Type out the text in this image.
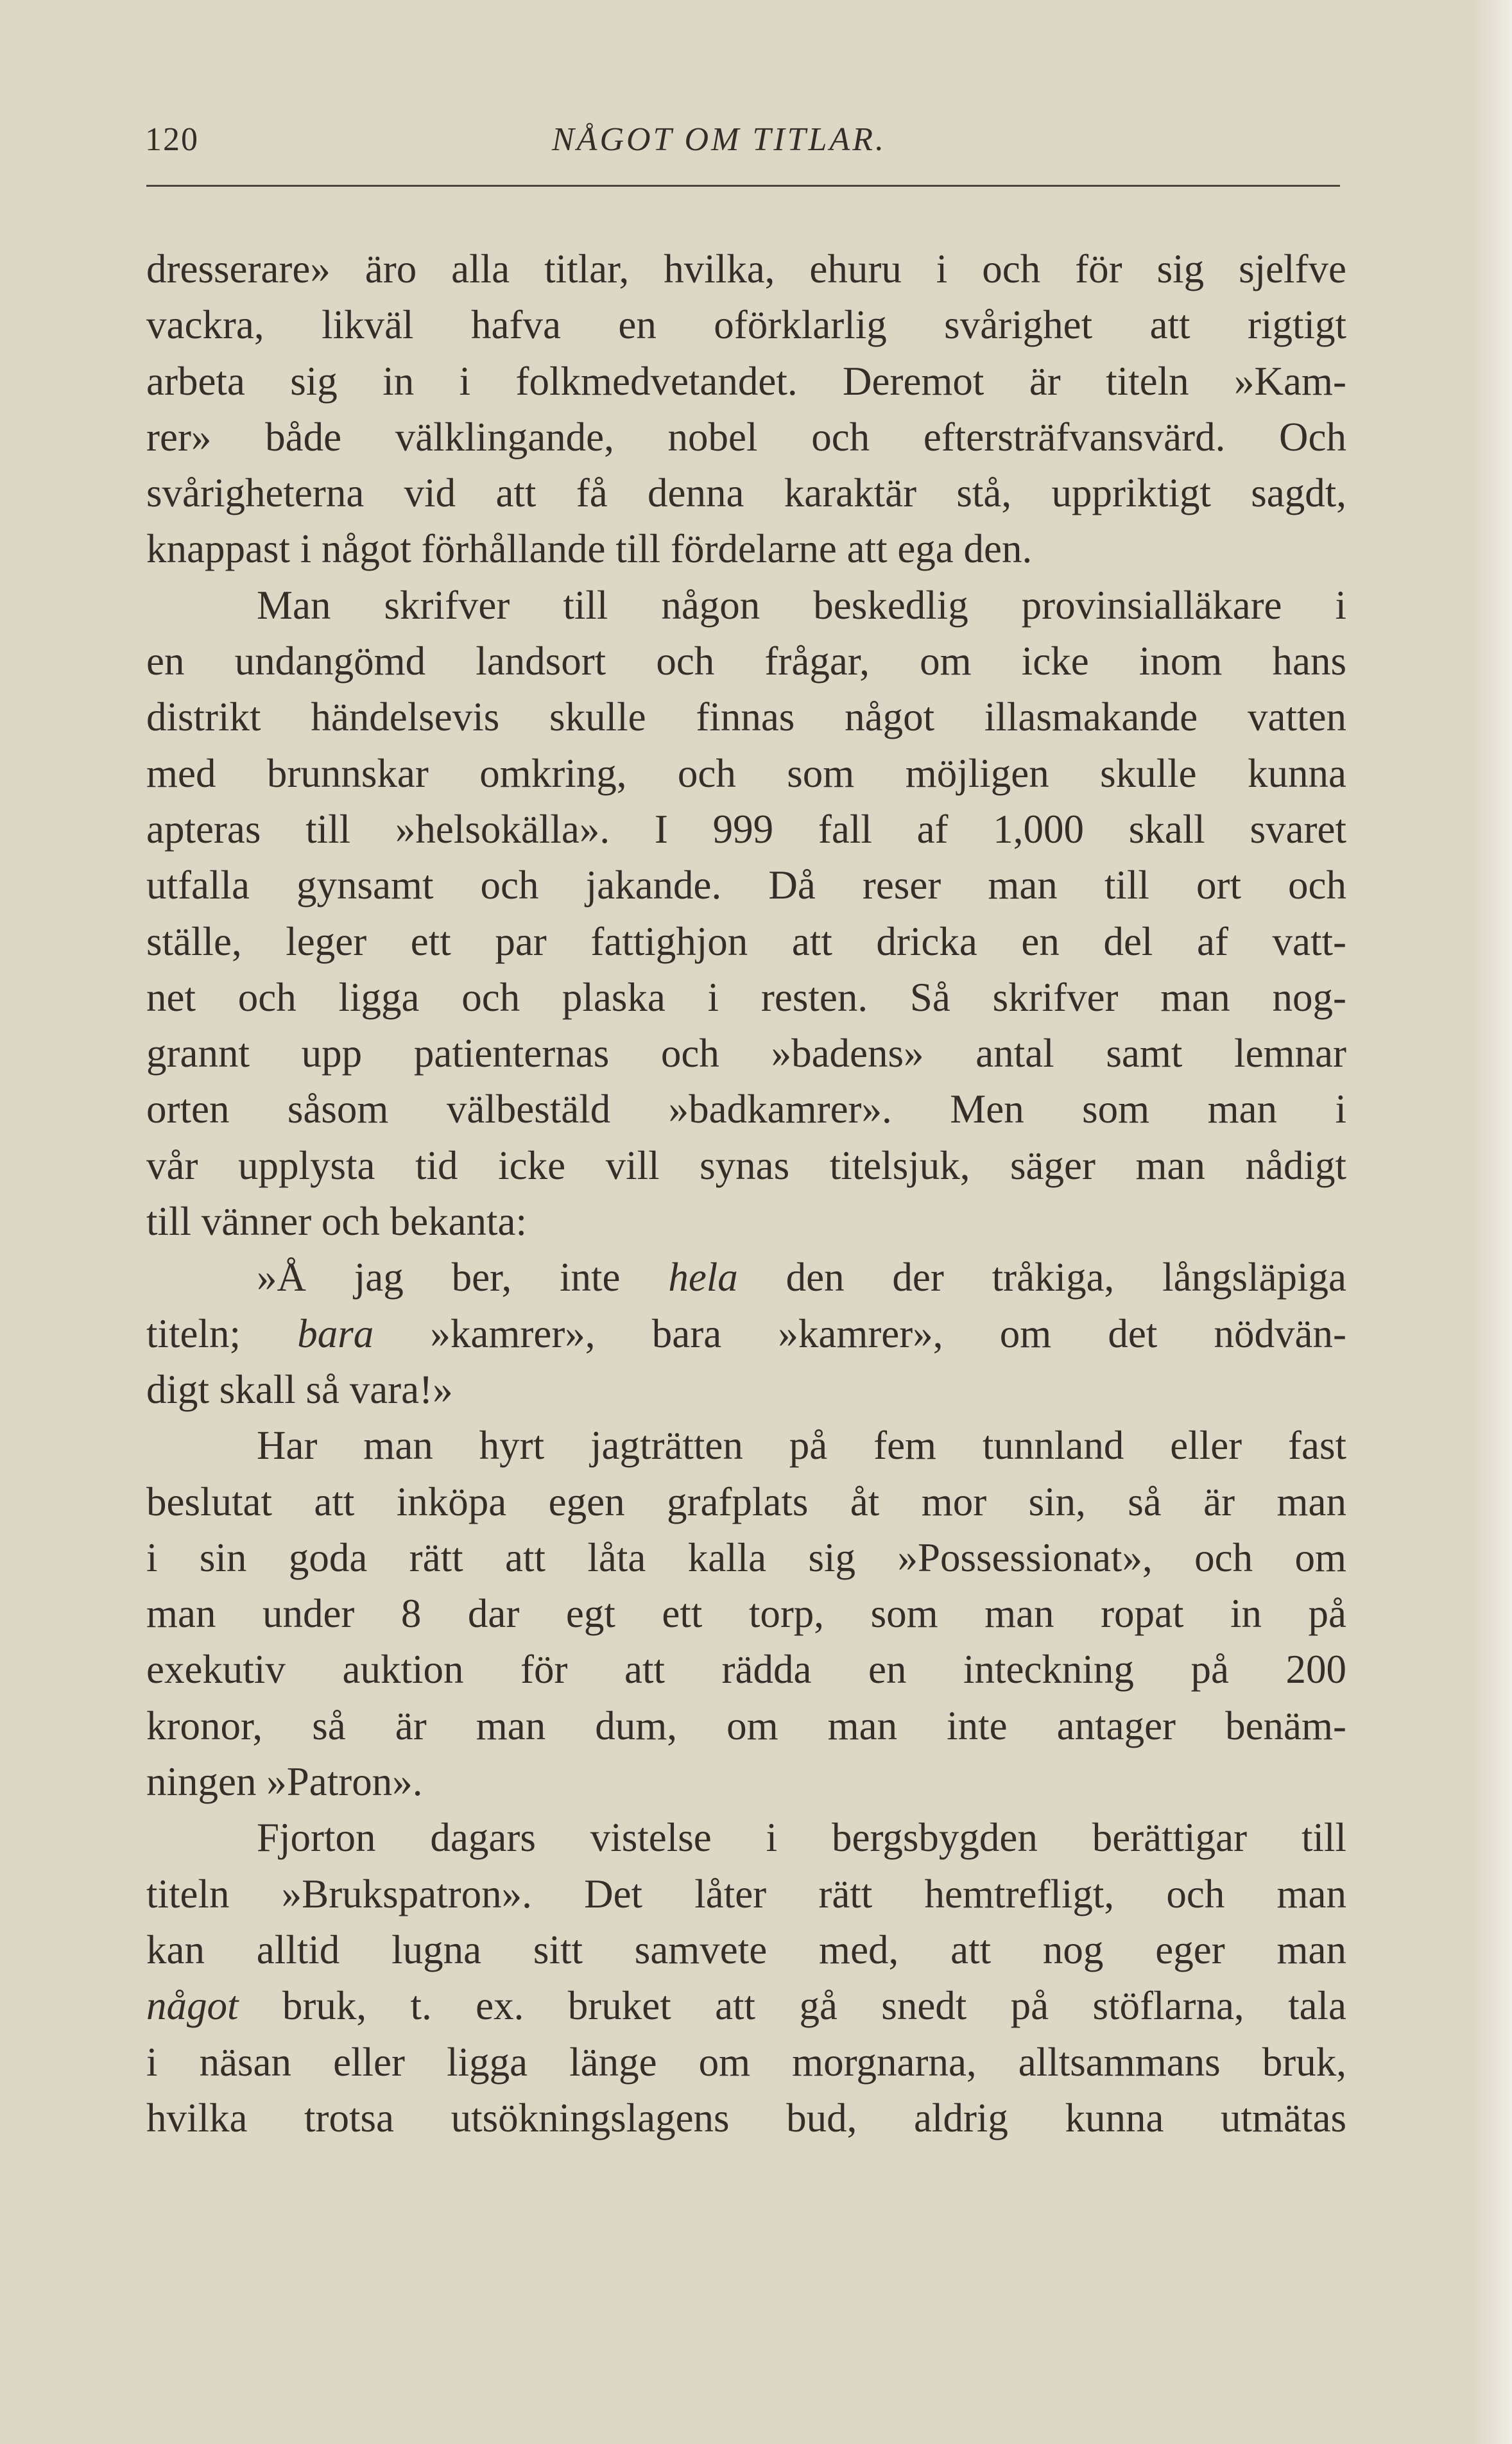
120	NÅGOT OM TITLAR.
dresserare» äro alla titlar, hvilka, ehuru i och för sig sjelfve
vackra, likväl hafva en oförklarlig svårighet att rigtigt
arbeta sig in i folkmedvetandet. Deremot är titeln »Kam-
rer» både välklingande, nobel och eftersträfvansvärd. Och
svårigheterna vid att få denna karaktär stå, uppriktigt sagdt,
knappast i något förhållande till fördelarne att ega den.
Man skrifver till någon beskedlig provinsialläkare i
en undangömd landsort och frågar, om icke inom hans
distrikt händelsevis skulle finnas något illasmakande vatten
med brunnskar omkring, och som möjligen skulle kunna
apteras till »helsokälla». I 999 fall af 1,000 skall svaret
utfalla gynsamt och jakande. Då reser man till ort och
ställe, leger ett par fattighjon att dricka en del af vatt-
net och ligga och plaska i resten. Så skrifver man nog-
grannt upp patienternas och »badens» antal samt lemnar
orten såsom välbestäld »badkamrer». Men som man i
vår upplysta tid icke vill synas titelsjuk, säger man nådigt
till vänner och bekanta:
»Å jag ber, inte hela den der tråkiga, långsläpiga
titeln; bara »kamrer», bara »kamrer», om det nödvän-
digt skall så vara!»
Har man hyrt jagträtten på fem tunnland eller fast
beslutat att inköpa egen grafplats åt mor sin, så är man
i sin goda rätt att låta kalla sig »Possessionat», och om
man under 8 dar egt ett torp, som man ropat in på
exekutiv auktion för att rädda en inteckning på 200
kronor, så är man dum, om man inte antager benäm-
ningen »Patron».
Fjorton dagars vistelse i bergsbygden berättigar till
titeln »Brukspatron». Det låter rätt hemtrefligt, och man
kan alltid lugna sitt samvete med, att nog eger man
något bruk, t. ex. bruket att gå snedt på stöflarna, tala
i näsan eller ligga länge om morgnarna, alltsammans bruk,
hvilka trotsa utsökningslagens bud, aldrig kunna utmätas
